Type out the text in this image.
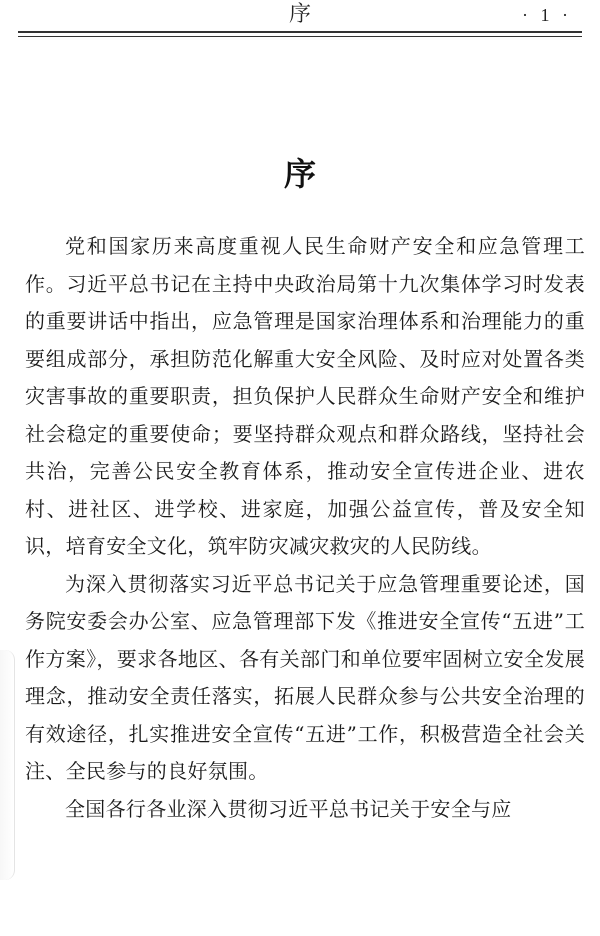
序	· 1 ·
序

党和国家历来高度重视人民生命财产安全和应急管理工作。习近平总书记在主持中央政治局第十九次集体学习时发表的重要讲话中指出，应急管理是国家治理体系和治理能力的重要组成部分，承担防范化解重大安全风险、及时应对处置各类灾害事故的重要职责，担负保护人民群众生命财产安全和维护社会稳定的重要使命；要坚持群众观点和群众路线，坚持社会共治，完善公民安全教育体系，推动安全宣传进企业、进农村、进社区、进学校、进家庭，加强公益宣传，普及安全知识，培育安全文化，筑牢防灾减灾救灾的人民防线。

为深入贯彻落实习近平总书记关于应急管理重要论述，国务院安委会办公室、应急管理部下发《推进安全宣传“五进”工作方案》，要求各地区、各有关部门和单位要牢固树立安全发展理念，推动安全责任落实，拓展人民群众参与公共安全治理的有效途径，扎实推进安全宣传“五进”工作，积极营造全社会关注、全民参与的良好氛围。

全国各行各业深入贯彻习近平总书记关于安全与应
